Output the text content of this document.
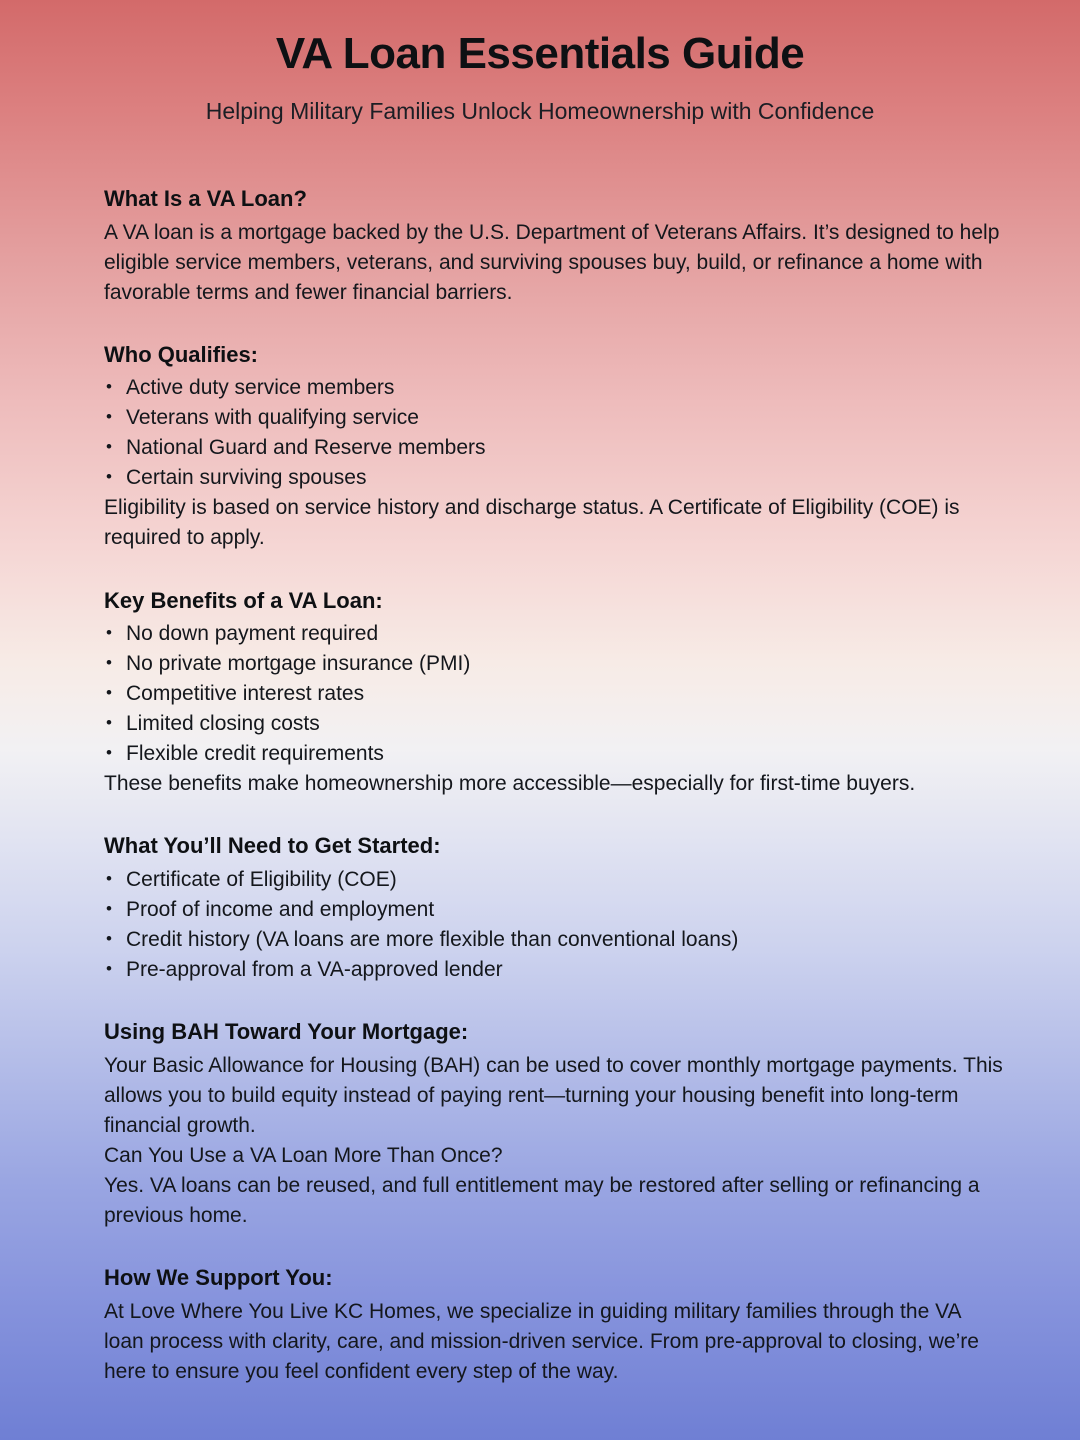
VA Loan Essentials Guide

Helping Military Families Unlock Homeownership with Confidence

What Is a VA Loan?

A VA loan is a mortgage backed by the U.S. Department of Veterans Affairs. It’s designed to help eligible service members, veterans, and surviving spouses buy, build, or refinance a home with favorable terms and fewer financial barriers.

Who Qualifies:
• Active duty service members
• Veterans with qualifying service
• National Guard and Reserve members
• Certain surviving spouses

Eligibility is based on service history and discharge status. A Certificate of Eligibility (COE) is required to apply.

Key Benefits of a VA Loan:
• No down payment required
• No private mortgage insurance (PMI)
• Competitive interest rates
• Limited closing costs
• Flexible credit requirements

These benefits make homeownership more accessible—especially for first-time buyers.

What You’ll Need to Get Started:
• Certificate of Eligibility (COE)
• Proof of income and employment
• Credit history (VA loans are more flexible than conventional loans)
• Pre-approval from a VA-approved lender
Using BAH Toward Your Mortgage:

Your Basic Allowance for Housing (BAH) can be used to cover monthly mortgage payments. This allows you to build equity instead of paying rent—turning your housing benefit into long-term financial growth.

Can You Use a VA Loan More Than Once?

Yes. VA loans can be reused, and full entitlement may be restored after selling or refinancing a previous home.

How We Support You:

At Love Where You Live KC Homes, we specialize in guiding military families through the VA loan process with clarity, care, and mission-driven service. From pre-approval to closing, we’re here to ensure you feel confident every step of the way.
